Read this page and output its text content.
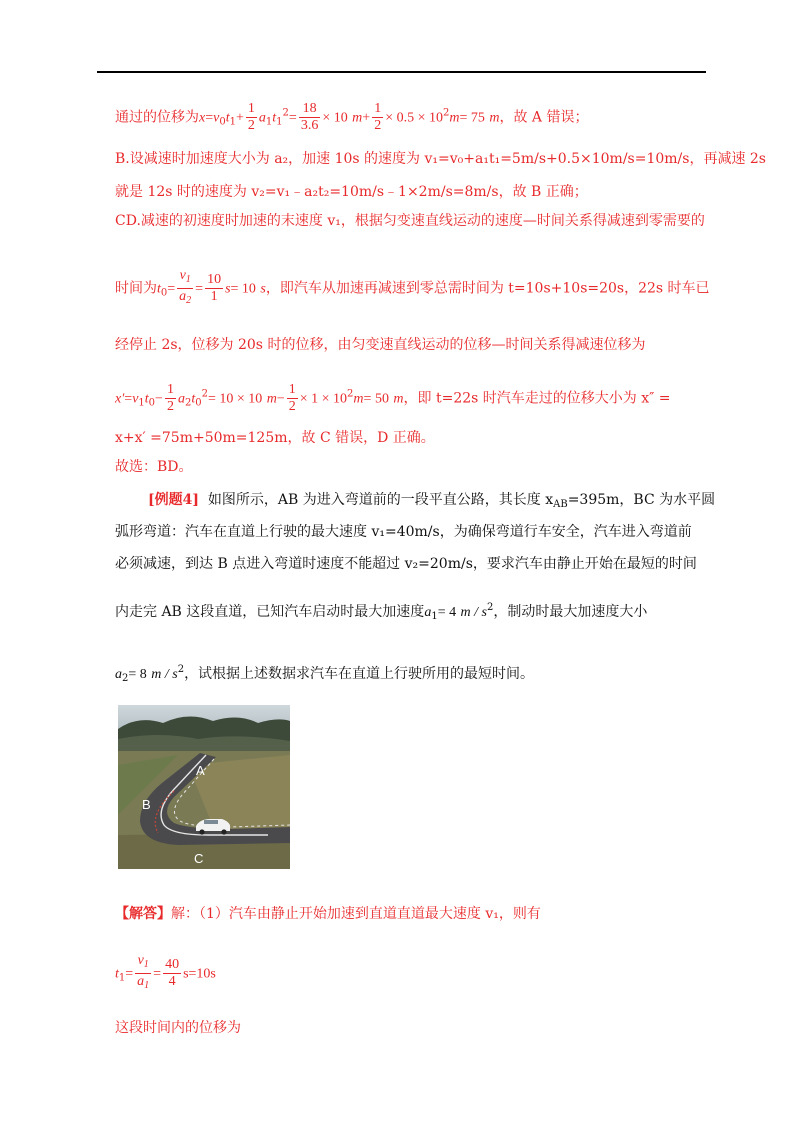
通过的位移为$x=v_0t_1+ \frac{1}{2} a_1t_1^2= \frac{18}{3.6} \times 10$ $m+ \frac{1}{2} \times 0.5 \times 10^2m= 75$ m，故 A 错误；
B.设减速时加速度大小为 a₂，加速 10s 的速度为 v₁=v₀+a₁t₁=5m/s+0.5×10m/s=10m/s，再减速 2s
就是 12s 时的速度为 v₂=v₁﹣a₂t₂=10m/s﹣1×2m/s=8m/s，故 B 正确；
CD.减速的初速度时加速的末速度 v₁，根据匀变速直线运动的速度—时间关系得减速到零需要的
时间为$t_0= \frac{v_1}{a_2} = \frac{10}{1} s= 10$ s，即汽车从加速再减速到零总需时间为 t=10s+10s=20s，22s 时车已
经停止 2s，位移为 20s 时的位移，由匀变速直线运动的位移—时间关系得减速位移为
$x'=v_1t_0- \frac{1}{2} a_2t_0^2= 10 \times 10$ $m- \frac{1}{2} \times 1 \times 10^2m= 50$ m，即 t=22s 时汽车走过的位移大小为 x″ =
x+x′ =75m+50m=125m，故 C 错误，D 正确。
故选：BD。
[例题4] 如图所示，AB 为进入弯道前的一段平直公路，其长度 $x_{AB}=395m$，BC 为水平圆
弧形弯道：汽车在直道上行驶的最大速度 v₁=40m/s，为确保弯道行车安全，汽车进入弯道前
必须减速，到达 B 点进入弯道时速度不能超过 v₂=20m/s，要求汽车由静止开始在最短的时间
内走完 AB 这段直道，已知汽车启动时最大加速度$a_1= 4$ m / $s^2$，制动时最大加速度大小
$a_2= 8$ m / $s^2$，试根据上述数据求汽车在直道上行驶所用的最短时间。
A
B
C
【解答】解：（1）汽车由静止开始加速到直道直道最大速度 v₁，则有
$t_1= \frac{v_1}{a_1} = \frac{40}{4} s=10s$
这段时间内的位移为
